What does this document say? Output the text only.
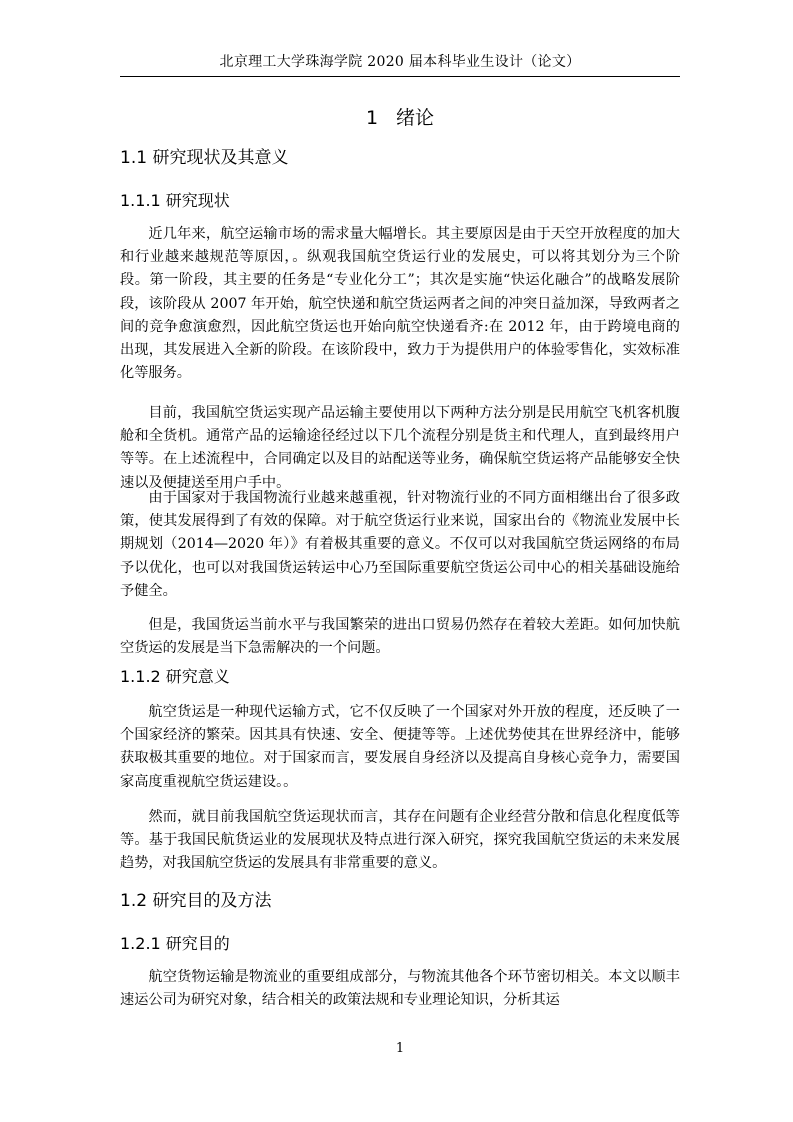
北京理工大学珠海学院 2020 届本科毕业生设计（论文）
1 绪论
1.1 研究现状及其意义
1.1.1 研究现状

近几年来，航空运输市场的需求量大幅增长。其主要原因是由于天空开放程度的加大和行业越来越规范等原因，。纵观我国航空货运行业的发展史，可以将其划分为三个阶段。第一阶段，其主要的任务是“专业化分工”；其次是实施“快运化融合”的战略发展阶段，该阶段从 2007 年开始，航空快递和航空货运两者之间的冲突日益加深，导致两者之间的竞争愈演愈烈，因此航空货运也开始向航空快递看齐:在 2012 年，由于跨境电商的出现，其发展进入全新的阶段。在该阶段中，致力于为提供用户的体验零售化，实效标准化等服务。

目前，我国航空货运实现产品运输主要使用以下两种方法分别是民用航空飞机客机腹舱和全货机。通常产品的运输途径经过以下几个流程分别是货主和代理人，直到最终用户等等。在上述流程中，合同确定以及目的站配送等业务，确保航空货运将产品能够安全快速以及便捷送至用户手中。

由于国家对于我国物流行业越来越重视，针对物流行业的不同方面相继出台了很多政策，使其发展得到了有效的保障。对于航空货运行业来说，国家出台的《物流业发展中长期规划（2014—2020 年）》有着极其重要的意义。不仅可以对我国航空货运网络的布局予以优化，也可以对我国货运转运中心乃至国际重要航空货运公司中心的相关基础设施给予健全。

但是，我国货运当前水平与我国繁荣的进出口贸易仍然存在着较大差距。如何加快航空货运的发展是当下急需解决的一个问题。

1.1.2 研究意义

航空货运是一种现代运输方式，它不仅反映了一个国家对外开放的程度，还反映了一个国家经济的繁荣。因其具有快速、安全、便捷等等。上述优势使其在世界经济中，能够获取极其重要的地位。对于国家而言，要发展自身经济以及提高自身核心竞争力，需要国家高度重视航空货运建设。。

然而，就目前我国航空货运现状而言，其存在问题有企业经营分散和信息化程度低等等。基于我国民航货运业的发展现状及特点进行深入研究，探究我国航空货运的未来发展趋势，对我国航空货运的发展具有非常重要的意义。

1.2 研究目的及方法
1.2.1 研究目的

航空货物运输是物流业的重要组成部分，与物流其他各个环节密切相关。本文以顺丰速运公司为研究对象，结合相关的政策法规和专业理论知识，分析其运

1
